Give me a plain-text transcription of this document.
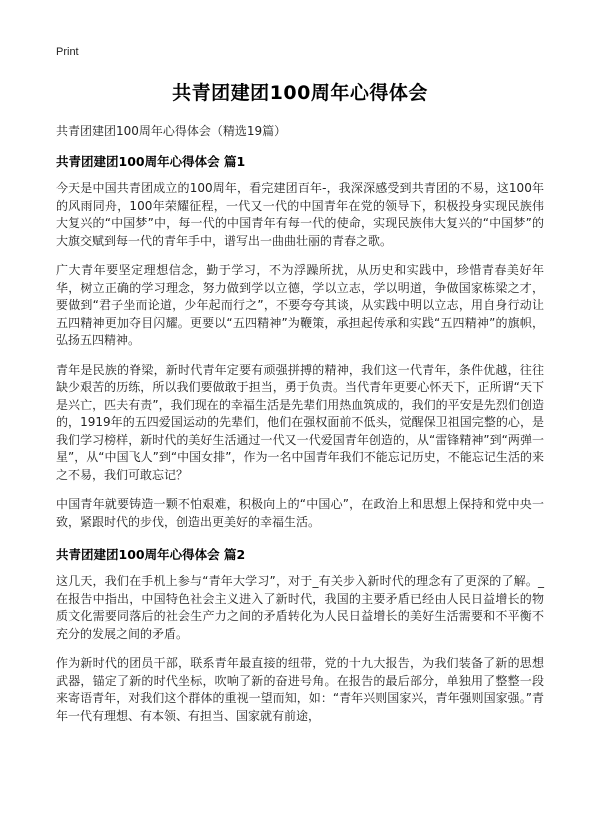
Print
共青团建团100周年心得体会
共青团建团100周年心得体会（精选19篇）
共青团建团100周年心得体会 篇1

今天是中国共青团成立的100周年，看完建团百年-，我深深感受到共青团的不易，这100年的风雨同舟，100年荣耀征程，一代又一代的中国青年在党的领导下，积极投身实现民族伟大复兴的“中国梦”中，每一代的中国青年有每一代的使命，实现民族伟大复兴的“中国梦”的大旗交赋到每一代的青年手中，谱写出一曲曲壮丽的青春之歌。

广大青年要坚定理想信念，勤于学习，不为浮躁所扰，从历史和实践中，珍惜青春美好年华，树立正确的学习理念，努力做到学以立德，学以立志，学以明道，争做国家栋梁之才，要做到“君子坐而论道，少年起而行之”，不要夸夸其谈，从实践中明以立志，用自身行动让五四精神更加夺目闪耀。更要以“五四精神”为鞭策，承担起传承和实践“五四精神”的旗帜，弘扬五四精神。

青年是民族的脊梁，新时代青年定要有顽强拼搏的精神，我们这一代青年，条件优越，往往缺少艰苦的历练，所以我们要做敢于担当，勇于负责。当代青年更要心怀天下，正所谓“天下是兴亡，匹夫有责”，我们现在的幸福生活是先辈们用热血筑成的，我们的平安是先烈们创造的，1919年的五四爱国运动的先辈们，他们在强权面前不低头，觉醒保卫祖国完整的心，是我们学习榜样，新时代的美好生活通过一代又一代爱国青年创造的，从“雷锋精神”到“两弹一星”，从“中国飞人”到“中国女排”，作为一名中国青年我们不能忘记历史，不能忘记生活的来之不易，我们可敢忘记？

中国青年就要铸造一颗不怕艰难，积极向上的“中国心”，在政治上和思想上保持和党中央一致，紧跟时代的步伐，创造出更美好的幸福生活。

共青团建团100周年心得体会 篇2

这几天，我们在手机上参与“青年大学习”，对于_有关步入新时代的理念有了更深的了解。_在报告中指出，中国特色社会主义进入了新时代，我国的主要矛盾已经由人民日益增长的物质文化需要同落后的社会生产力之间的矛盾转化为人民日益增长的美好生活需要和不平衡不充分的发展之间的矛盾。

作为新时代的团员干部，联系青年最直接的纽带，党的十九大报告，为我们装备了新的思想武器，锚定了新的时代坐标，吹响了新的奋进号角。在报告的最后部分，单独用了整整一段来寄语青年，对我们这个群体的重视一望而知，如：“青年兴则国家兴，青年强则国家强。”青年一代有理想、有本领、有担当、国家就有前途，
